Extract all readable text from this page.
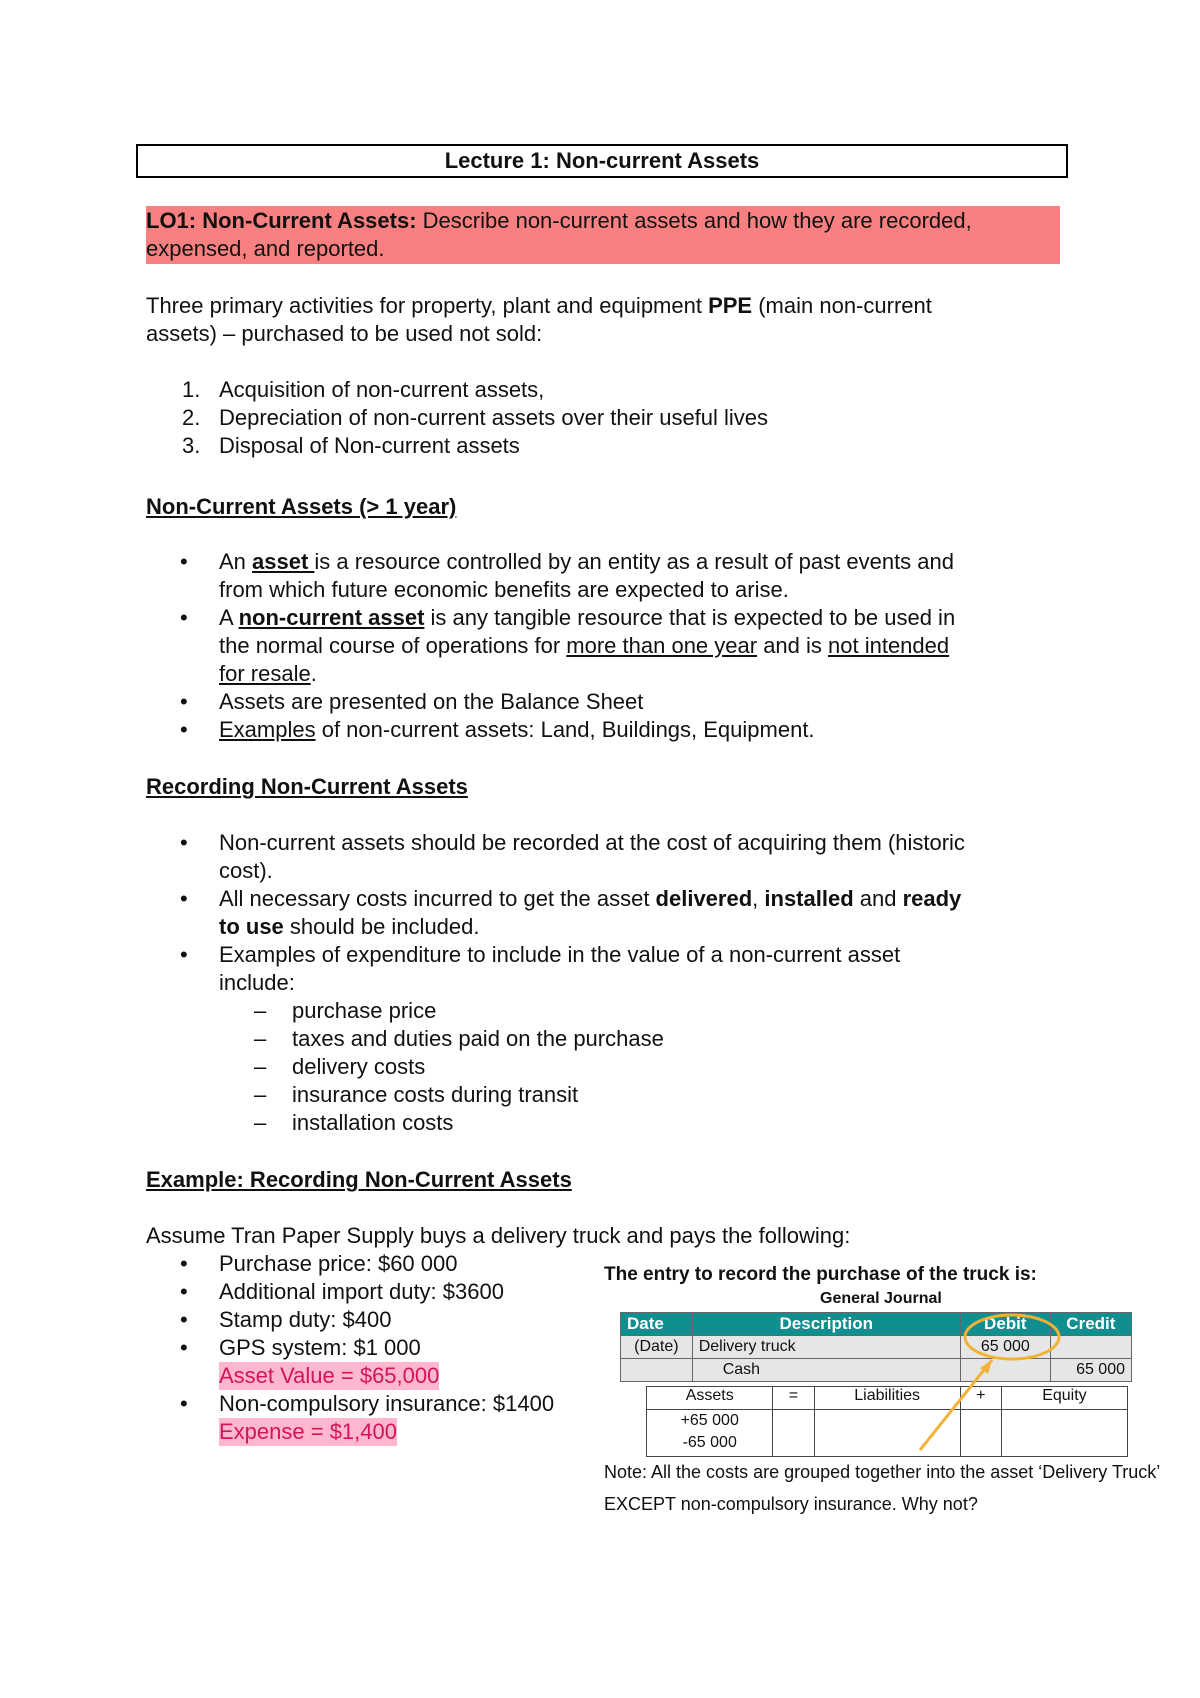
Lecture 1: Non-current Assets
LO1: Non-Current Assets: Describe non-current assets and how they are recorded,
expensed, and reported.
Three primary activities for property, plant and equipment PPE (main non-current
assets) – purchased to be used not sold:
1. Acquisition of non-current assets,
2. Depreciation of non-current assets over their useful lives
3. Disposal of Non-current assets
Non-Current Assets (> 1 year)
•	An asset is a resource controlled by an entity as a result of past events and
from which future economic benefits are expected to arise.
•	A non-current asset is any tangible resource that is expected to be used in
the normal course of operations for more than one year and is not intended
for resale.
•	Assets are presented on the Balance Sheet
•	Examples of non-current assets: Land, Buildings, Equipment.
Recording Non-Current Assets
•	Non-current assets should be recorded at the cost of acquiring them (historic
cost).
•	All necessary costs incurred to get the asset delivered, installed and ready
to use should be included.
•	Examples of expenditure to include in the value of a non-current asset
include:
–	purchase price
–	taxes and duties paid on the purchase
–	delivery costs
–	insurance costs during transit
–	installation costs
Example: Recording Non-Current Assets
Assume Tran Paper Supply buys a delivery truck and pays the following:
•	Purchase price: $60 000
•	Additional import duty: $3600
•	Stamp duty: $400
•	GPS system: $1 000
Asset Value = $65,000
•	Non-compulsory insurance: $1400
Expense = $1,400
The entry to record the purchase of the truck is:
General Journal
Date	Description	Debit	Credit
(Date)	Delivery truck	65 000	
	Cash		65 000
Assets	=	Liabilities	+	Equity

+65 000
-65 000				

Note: All the costs are grouped together into the asset ‘Delivery Truck’
EXCEPT non-compulsory insurance. Why not?
